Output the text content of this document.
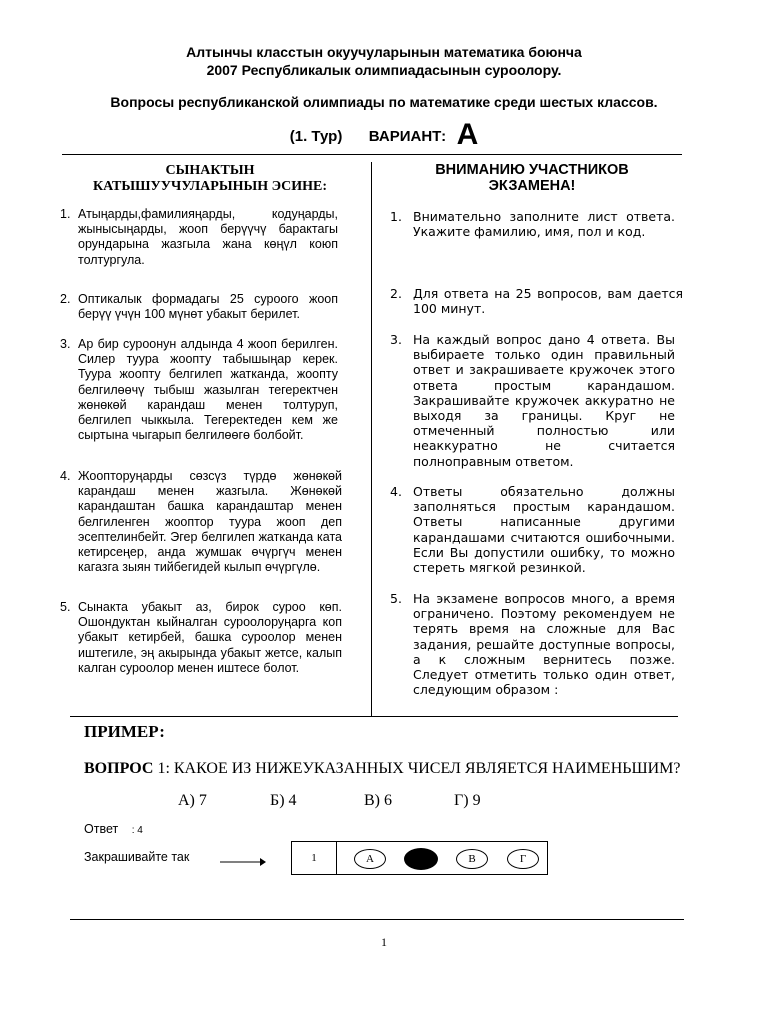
Алтынчы класстын окуучуларынын математика боюнча
2007 Республикалык олимпиадасынын суроолору.
Вопросы республиканской олимпиады по математике среди шестых классов.
(1. Тур) ВАРИАНТ: А
СЫНАКТЫН
КАТЫШУУЧУЛАРЫНЫН ЭСИНЕ:
1. Атыңарды,фамилияңарды, кодуңарды, жынысыңарды, жооп берүүчү барактагы орундарына жазгыла жана көңүл коюп толтургула.
2. Оптикалык формадагы 25 суроого жооп берүү үчүн 100 мүнөт убакыт берилет.
3. Ар бир суроонун алдында 4 жооп берилген. Силер туура жоопту табышыңар керек. Туура жоопту белгилеп жатканда, жоопту белгилөөчү тыбыш жазылган тегеректчен жөнөкөй карандаш менен толтуруп, белгилеп чыккыла. Тегеректеден кем же сыртына чыгарып белгилөөгө болбойт.
4. Жоопторуңарды сөзсүз түрдө жөнөкөй карандаш менен жазгыла. Жөнөкөй карандаштан башка карандаштар менен белгиленген жооптор туура жооп деп эсептелинбейт. Эгер белгилеп жатканда ката кетирсеңер, анда жумшак өчүргүч менен кагазга зыян тийбегидей кылып өчүргүлө.
5. Сынакта убакыт аз, бирок суроо көп. Ошондуктан кыйналган суроолоруңарга коп убакыт кетирбей, башка суроолор менен иштегиле, эң акырында убакыт жетсе, калып калган суроолор менен иштесе болот.
ВНИМАНИЮ УЧАСТНИКОВ
ЭКЗАМЕНА!
1. Внимательно заполните лист ответа. Укажите фамилию, имя, пол и код.
2. Для ответа на 25 вопросов, вам дается 100 минут.
3. На каждый вопрос дано 4 ответа. Вы выбираете только один правильный ответ и закрашиваете кружочек этого ответа простым карандашом. Закрашивайте кружочек аккуратно не выходя за границы. Круг не отмеченный полностью или неаккуратно не считается полноправным ответом.
4. Ответы обязательно должны заполняться простым карандашом. Ответы написанные другими карандашами считаются ошибочными. Если Вы допустили ошибку, то можно стереть мягкой резинкой.
5. На экзамене вопросов много, а время ограничено. Поэтому рекомендуем не терять время на сложные для Вас задания, решайте доступные вопросы, а к сложным вернитесь позже. Следует отметить только один ответ, следующим образом :
ПРИМЕР:
ВОПРОС 1: КАКОЕ ИЗ НИЖЕУКАЗАННЫХ ЧИСЕЛ ЯВЛЯЕТСЯ НАИМЕНЬШИМ?
А) 7	Б) 4	В) 6	Г) 9
Ответ : 4
Закрашивайте так	1	А	В	Г
1
